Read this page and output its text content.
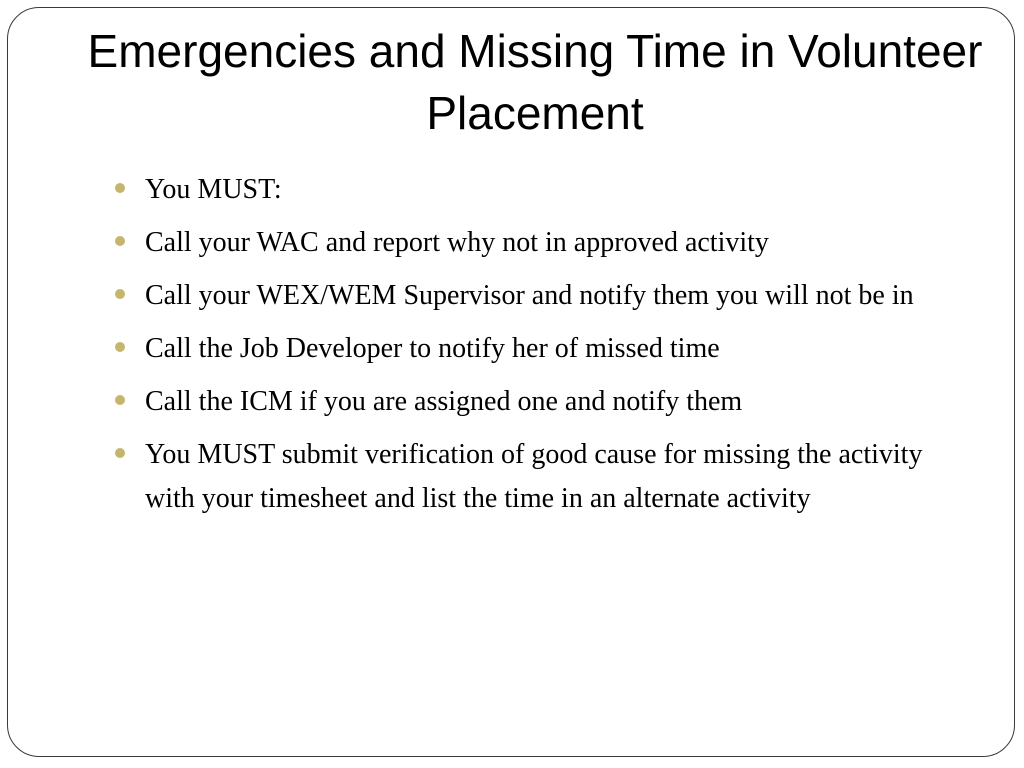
Emergencies and Missing Time in Volunteer Placement
You MUST:
Call your WAC and report why not in approved activity
Call your WEX/WEM Supervisor and notify them you will not be in
Call the Job Developer to notify her of missed time
Call the ICM if you are assigned one and notify them
You MUST submit verification of good cause for missing the activity with your timesheet and list the time in an alternate activity
